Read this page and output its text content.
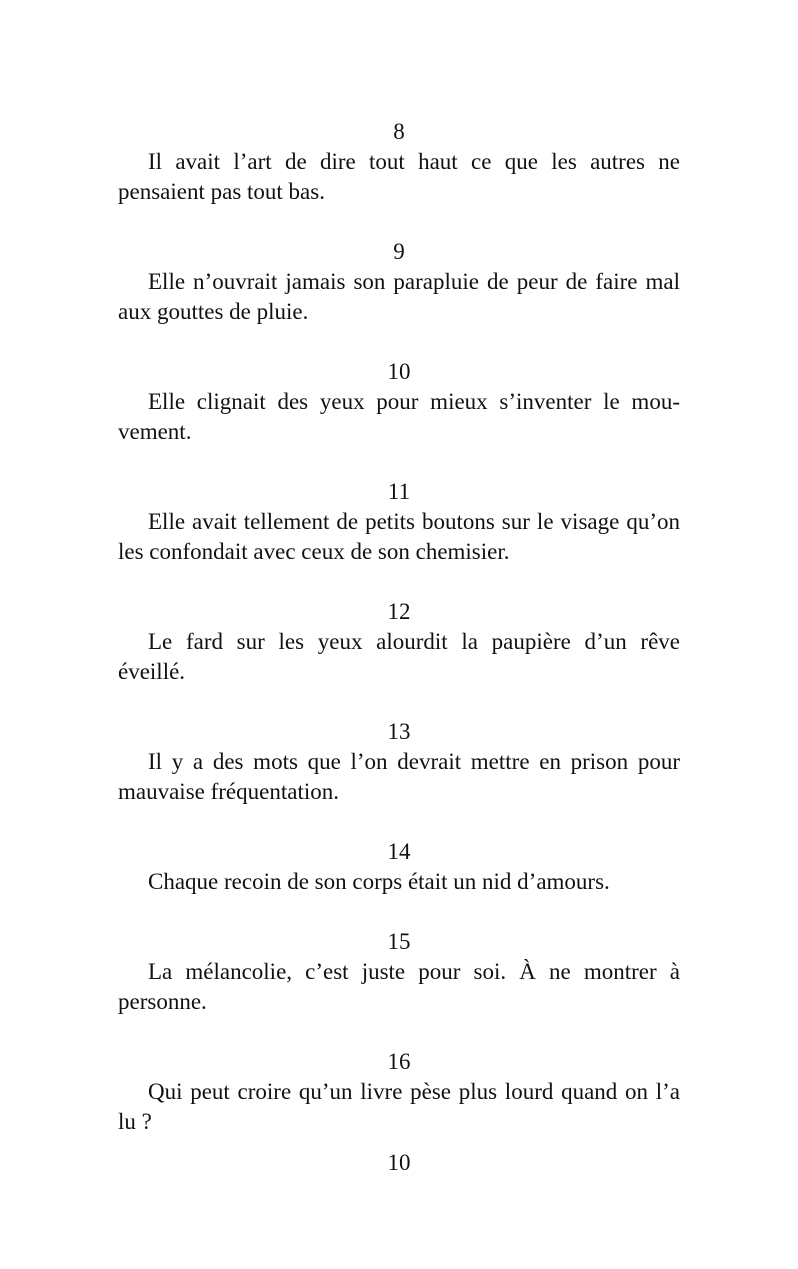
8

Il avait l’art de dire tout haut ce que les autres ne pensaient pas tout bas.

9

Elle n’ouvrait jamais son parapluie de peur de faire mal aux gouttes de pluie.

10

Elle clignait des yeux pour mieux s’inventer le mouvement.

11

Elle avait tellement de petits boutons sur le visage qu’on les confondait avec ceux de son chemisier.

12

Le fard sur les yeux alourdit la paupière d’un rêve éveillé.

13

Il y a des mots que l’on devrait mettre en prison pour mauvaise fréquentation.

14

Chaque recoin de son corps était un nid d’amours.

15

La mélancolie, c’est juste pour soi. À ne montrer à personne.

16

Qui peut croire qu’un livre pèse plus lourd quand on l’a lu ?

10
